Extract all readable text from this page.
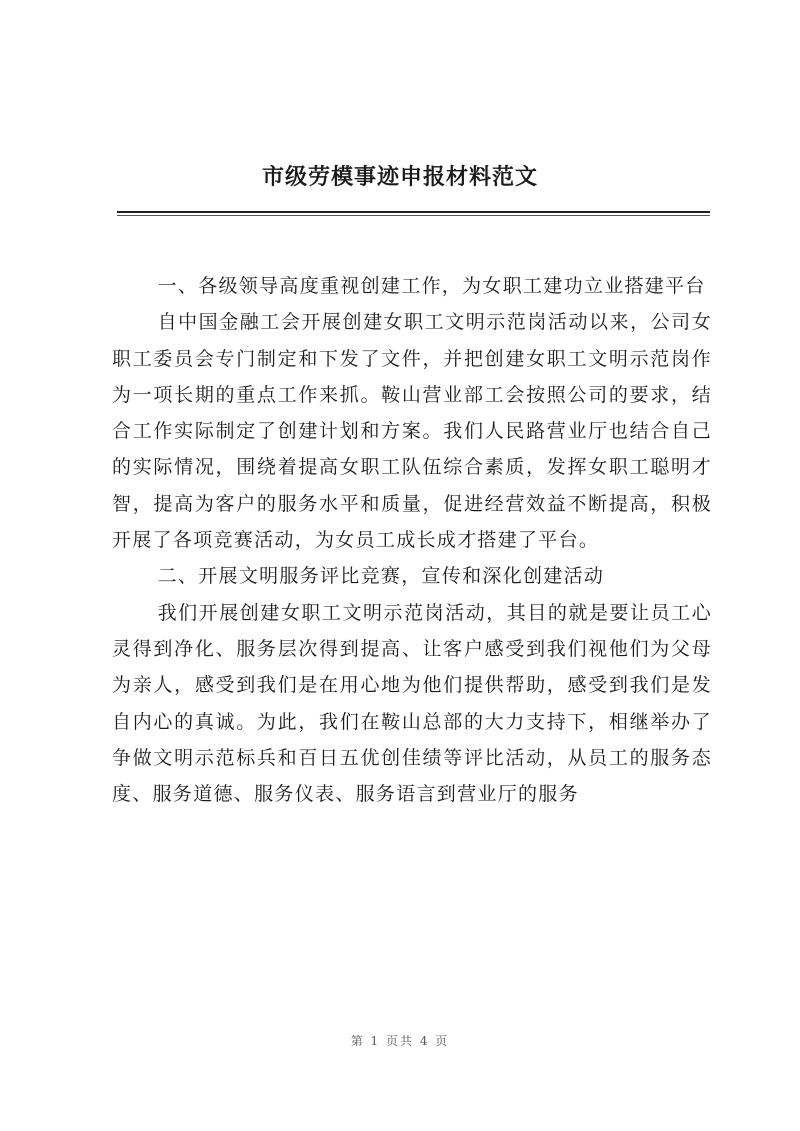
市级劳模事迹申报材料范文

一、各级领导高度重视创建工作，为女职工建功立业搭建平台

自中国金融工会开展创建女职工文明示范岗活动以来，公司女职工委员会专门制定和下发了文件，并把创建女职工文明示范岗作为一项长期的重点工作来抓。鞍山营业部工会按照公司的要求，结合工作实际制定了创建计划和方案。我们人民路营业厅也结合自己的实际情况，围绕着提高女职工队伍综合素质，发挥女职工聪明才智，提高为客户的服务水平和质量，促进经营效益不断提高，积极开展了各项竞赛活动，为女员工成长成才搭建了平台。

二、开展文明服务评比竞赛，宣传和深化创建活动

我们开展创建女职工文明示范岗活动，其目的就是要让员工心灵得到净化、服务层次得到提高、让客户感受到我们视他们为父母为亲人，感受到我们是在用心地为他们提供帮助，感受到我们是发自内心的真诚。为此，我们在鞍山总部的大力支持下，相继举办了争做文明示范标兵和百日五优创佳绩等评比活动，从员工的服务态度、服务道德、服务仪表、服务语言到营业厅的服务

第 1 页共 4 页
